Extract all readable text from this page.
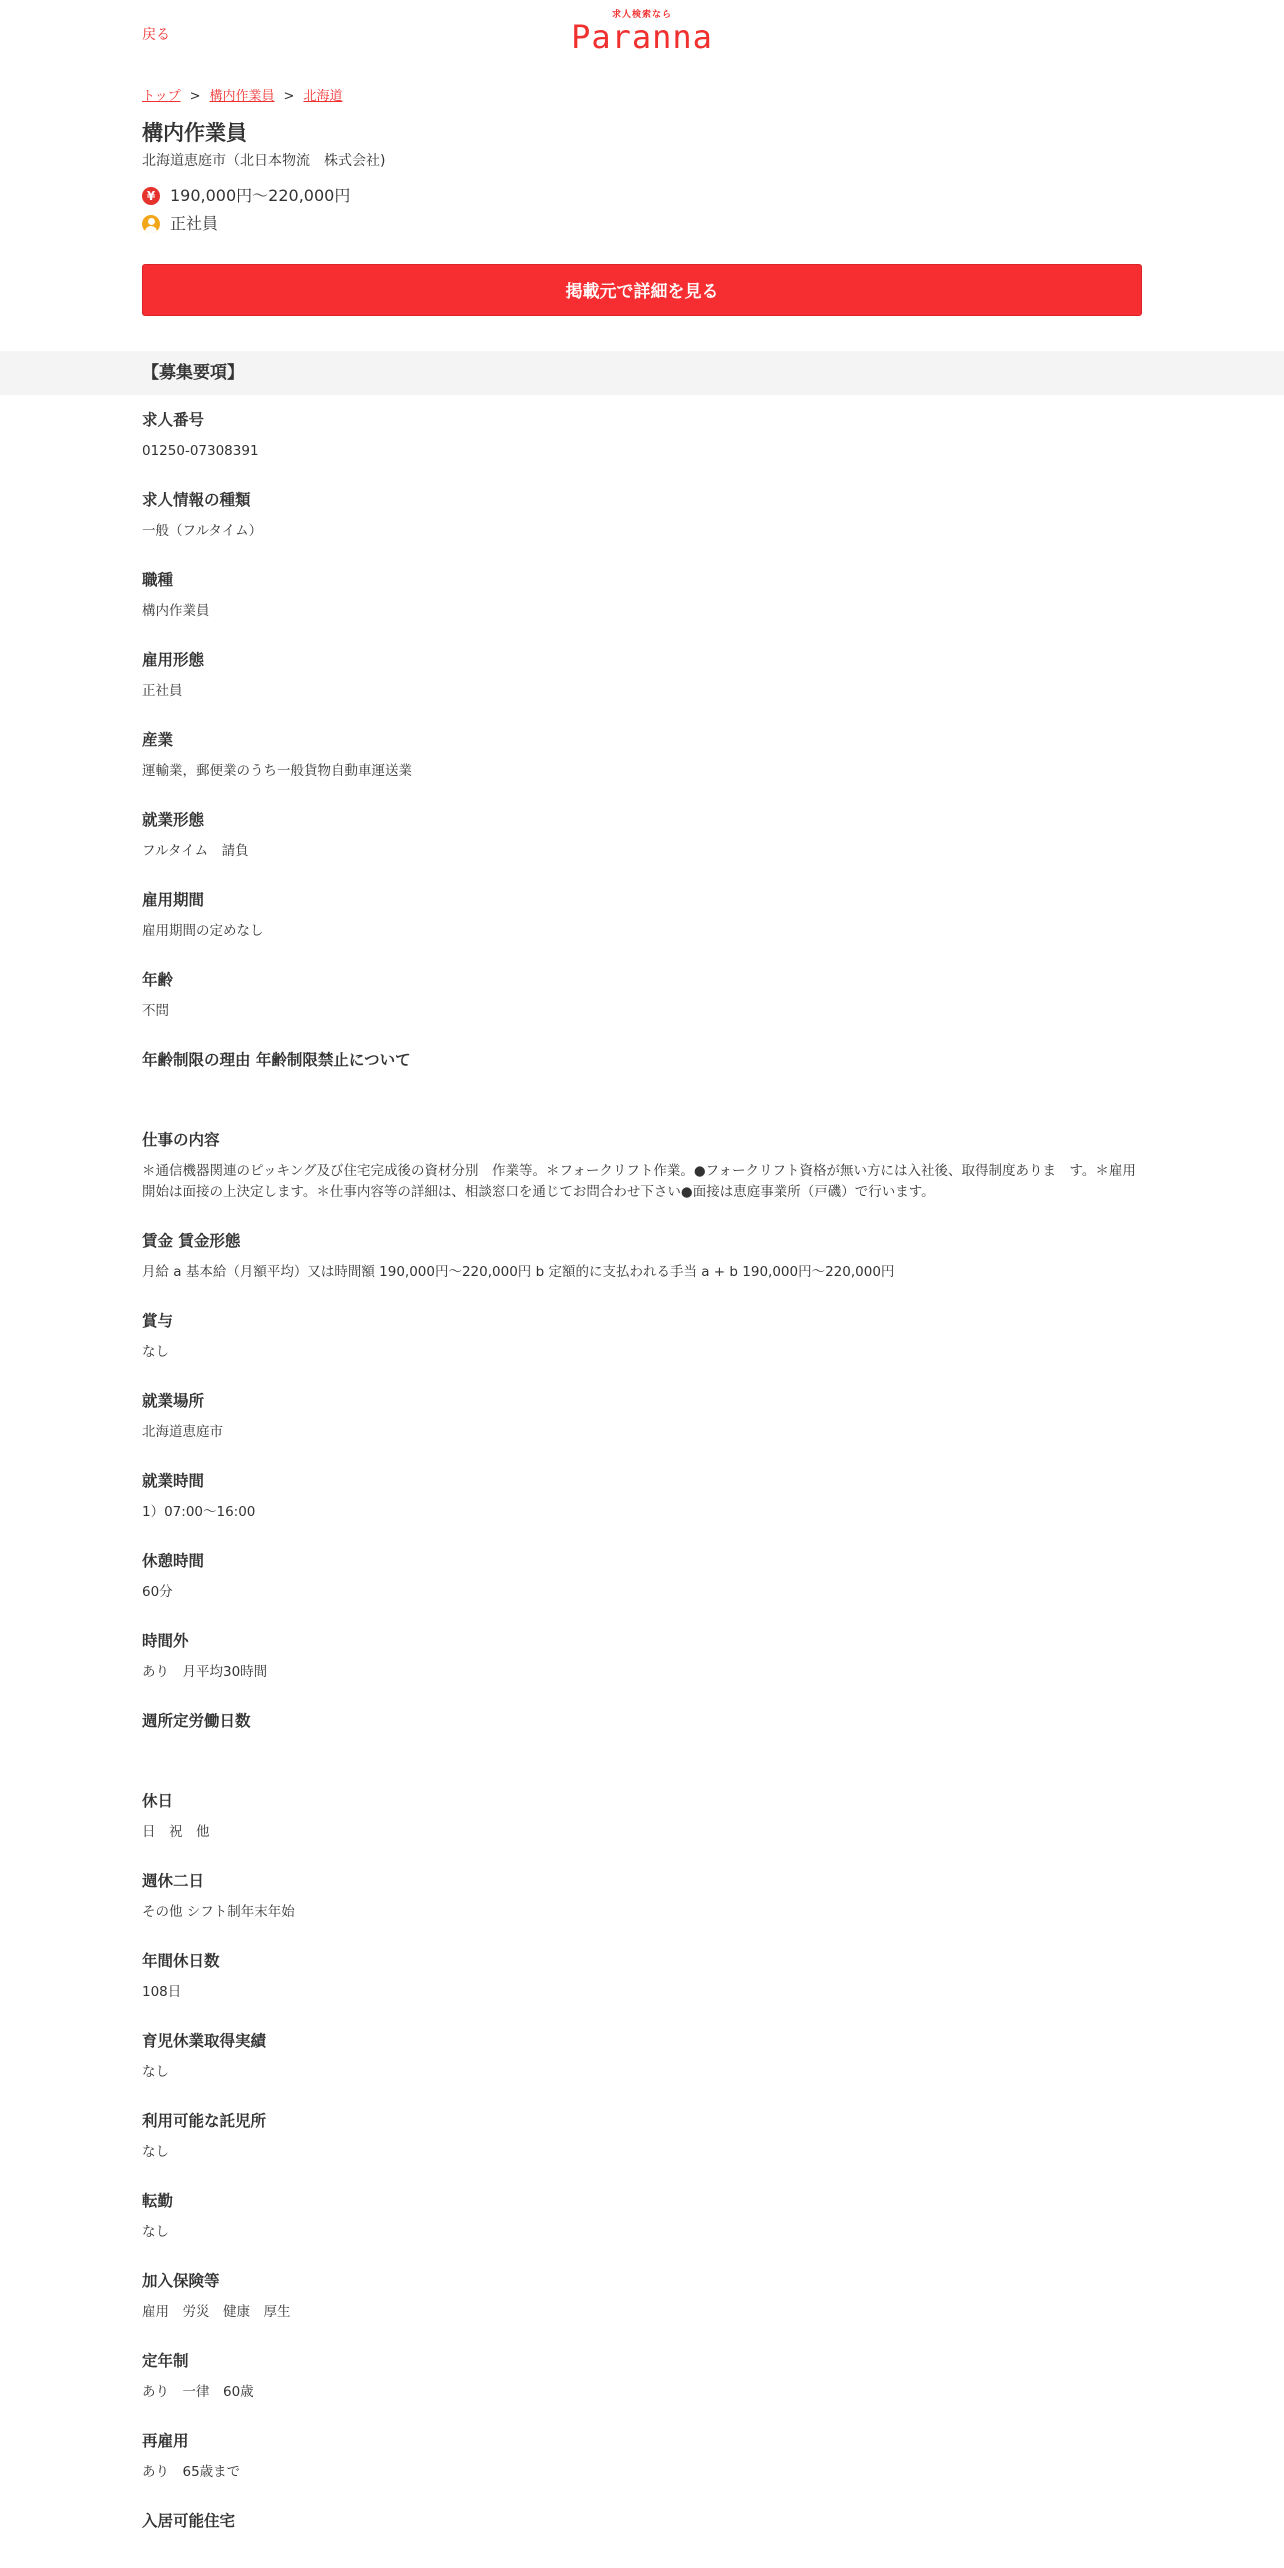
戻る
求人検索なら
Paranna
トップ > 構内作業員 > 北海道
構内作業員
北海道恵庭市（北日本物流　株式会社)
¥ 190,000円～220,000円
正社員
掲載元で詳細を見る
【募集要項】
求人番号
01250-07308391
求人情報の種類
一般（フルタイム）
職種
構内作業員
雇用形態
正社員
産業
運輸業，郵便業のうち一般貨物自動車運送業
就業形態
フルタイム　請負
雇用期間
雇用期間の定めなし
年齢
不問
年齢制限の理由 年齢制限禁止について
仕事の内容
＊通信機器関連のピッキング及び住宅完成後の資材分別　作業等。＊フォークリフト作業。●フォークリフト資格が無い方には入社後、取得制度ありま　す。＊雇用開始は面接の上決定します。＊仕事内容等の詳細は、相談窓口を通じてお問合わせ下さい●面接は恵庭事業所（戸磯）で行います。
賃金 賃金形態
月給 a 基本給（月額平均）又は時間額 190,000円～220,000円 b 定額的に支払われる手当 a + b 190,000円～220,000円
賞与
なし
就業場所
北海道恵庭市
就業時間
1）07:00～16:00
休憩時間
60分
時間外
あり　月平均30時間
週所定労働日数
休日
日　祝　他
週休二日
その他 シフト制年末年始
年間休日数
108日
育児休業取得実績
なし
利用可能な託児所
なし
転勤
なし
加入保険等
雇用　労災　健康　厚生
定年制
あり　一律　60歳
再雇用
あり　65歳まで
入居可能住宅
